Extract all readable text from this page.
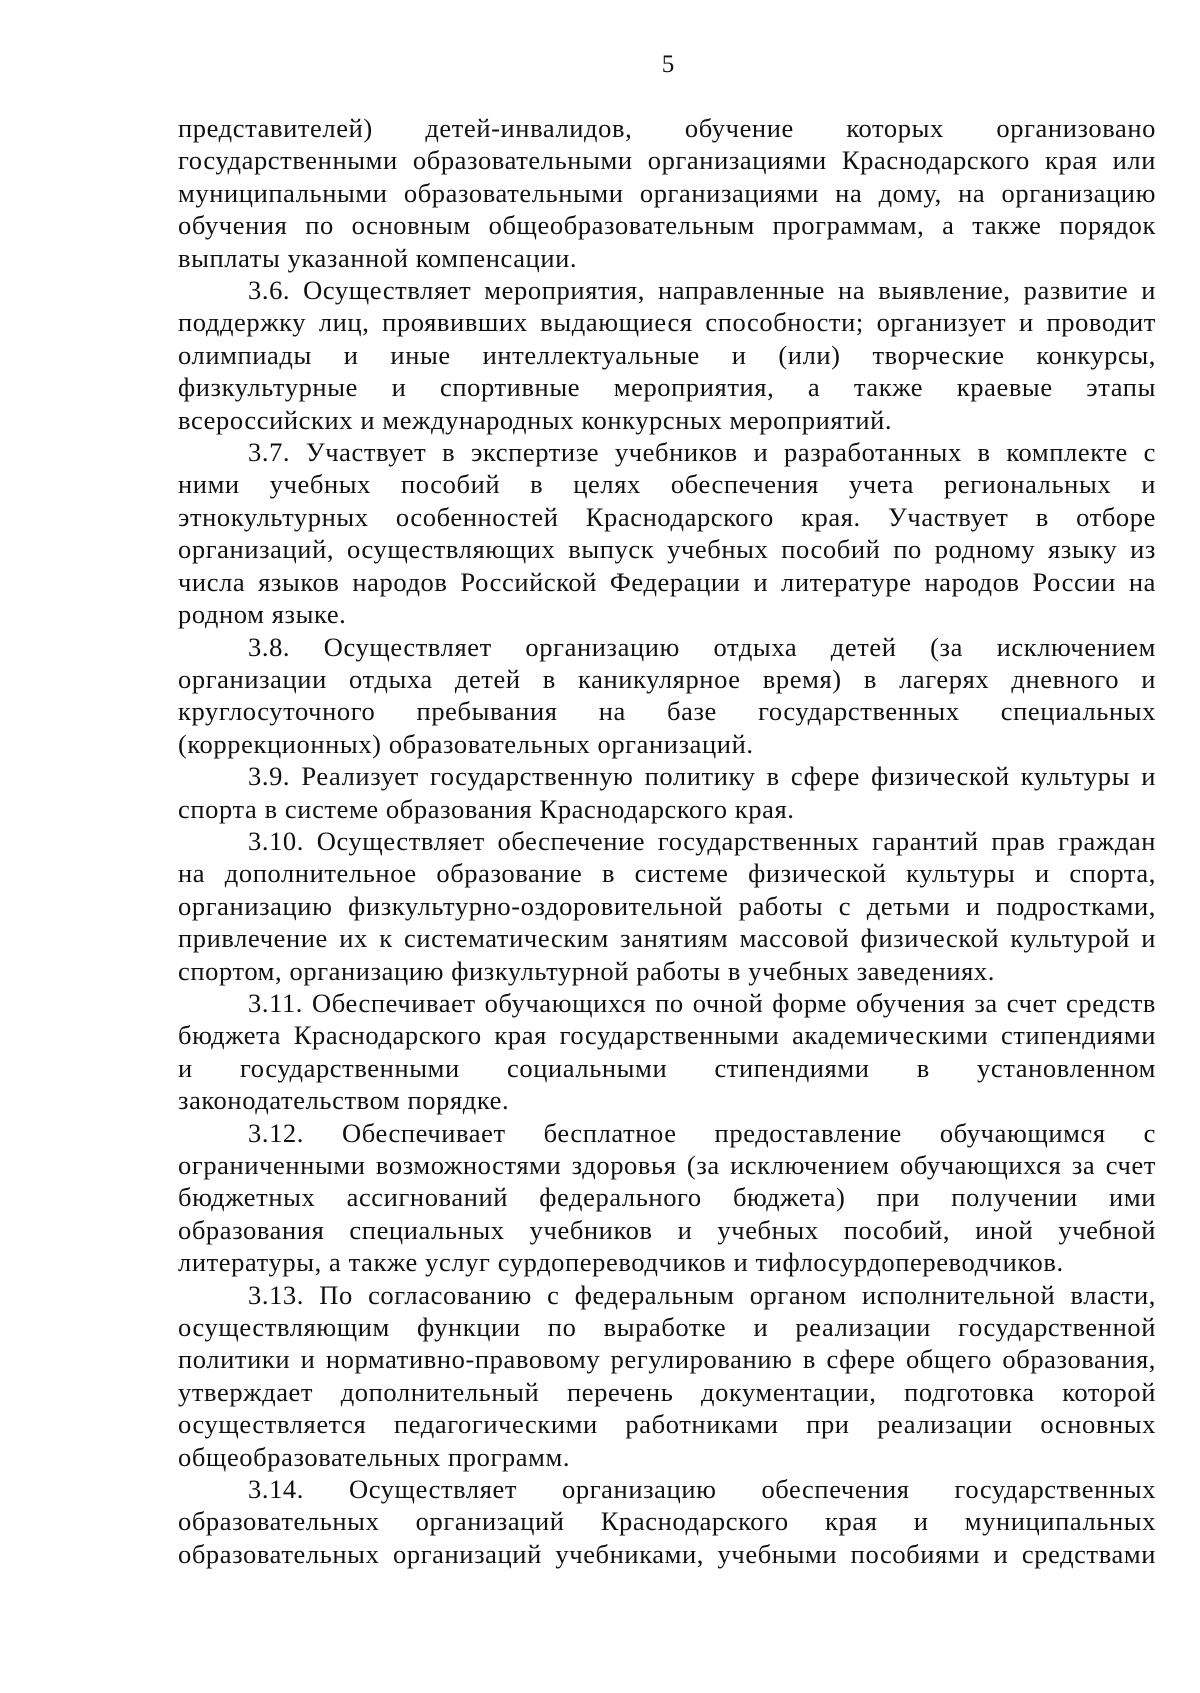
5

представителей) детей-инвалидов, обучение которых организовано
государственными образовательными организациями Краснодарского края или
муниципальными образовательными организациями на дому, на организацию
обучения по основным общеобразовательным программам, а также порядок
выплаты указанной компенсации.

3.6. Осуществляет мероприятия, направленные на выявление, развитие и
поддержку лиц, проявивших выдающиеся способности; организует и проводит
олимпиады и иные интеллектуальные и (или) творческие конкурсы,
физкультурные и спортивные мероприятия, а также краевые этапы
всероссийских и международных конкурсных мероприятий.

3.7. Участвует в экспертизе учебников и разработанных в комплекте с
ними учебных пособий в целях обеспечения учета региональных и
этнокультурных особенностей Краснодарского края. Участвует в отборе
организаций, осуществляющих выпуск учебных пособий по родному языку из
числа языков народов Российской Федерации и литературе народов России на
родном языке.

3.8. Осуществляет организацию отдыха детей (за исключением
организации отдыха детей в каникулярное время) в лагерях дневного и
круглосуточного пребывания на базе государственных специальных
(коррекционных) образовательных организаций.

3.9. Реализует государственную политику в сфере физической культуры и
спорта в системе образования Краснодарского края.

3.10. Осуществляет обеспечение государственных гарантий прав граждан
на дополнительное образование в системе физической культуры и спорта,
организацию физкультурно-оздоровительной работы с детьми и подростками,
привлечение их к систематическим занятиям массовой физической культурой и
спортом, организацию физкультурной работы в учебных заведениях.

3.11. Обеспечивает обучающихся по очной форме обучения за счет средств
бюджета Краснодарского края государственными академическими стипендиями
и государственными социальными стипендиями в установленном
законодательством порядке.

3.12. Обеспечивает бесплатное предоставление обучающимся с
ограниченными возможностями здоровья (за исключением обучающихся за счет
бюджетных ассигнований федерального бюджета) при получении ими
образования специальных учебников и учебных пособий, иной учебной
литературы, а также услуг сурдопереводчиков и тифлосурдопереводчиков.

3.13. По согласованию с федеральным органом исполнительной власти,
осуществляющим функции по выработке и реализации государственной
политики и нормативно-правовому регулированию в сфере общего образования,
утверждает дополнительный перечень документации, подготовка которой
осуществляется педагогическими работниками при реализации основных
общеобразовательных программ.

3.14. Осуществляет организацию обеспечения государственных
образовательных организаций Краснодарского края и муниципальных
образовательных организаций учебниками, учебными пособиями и средствами
